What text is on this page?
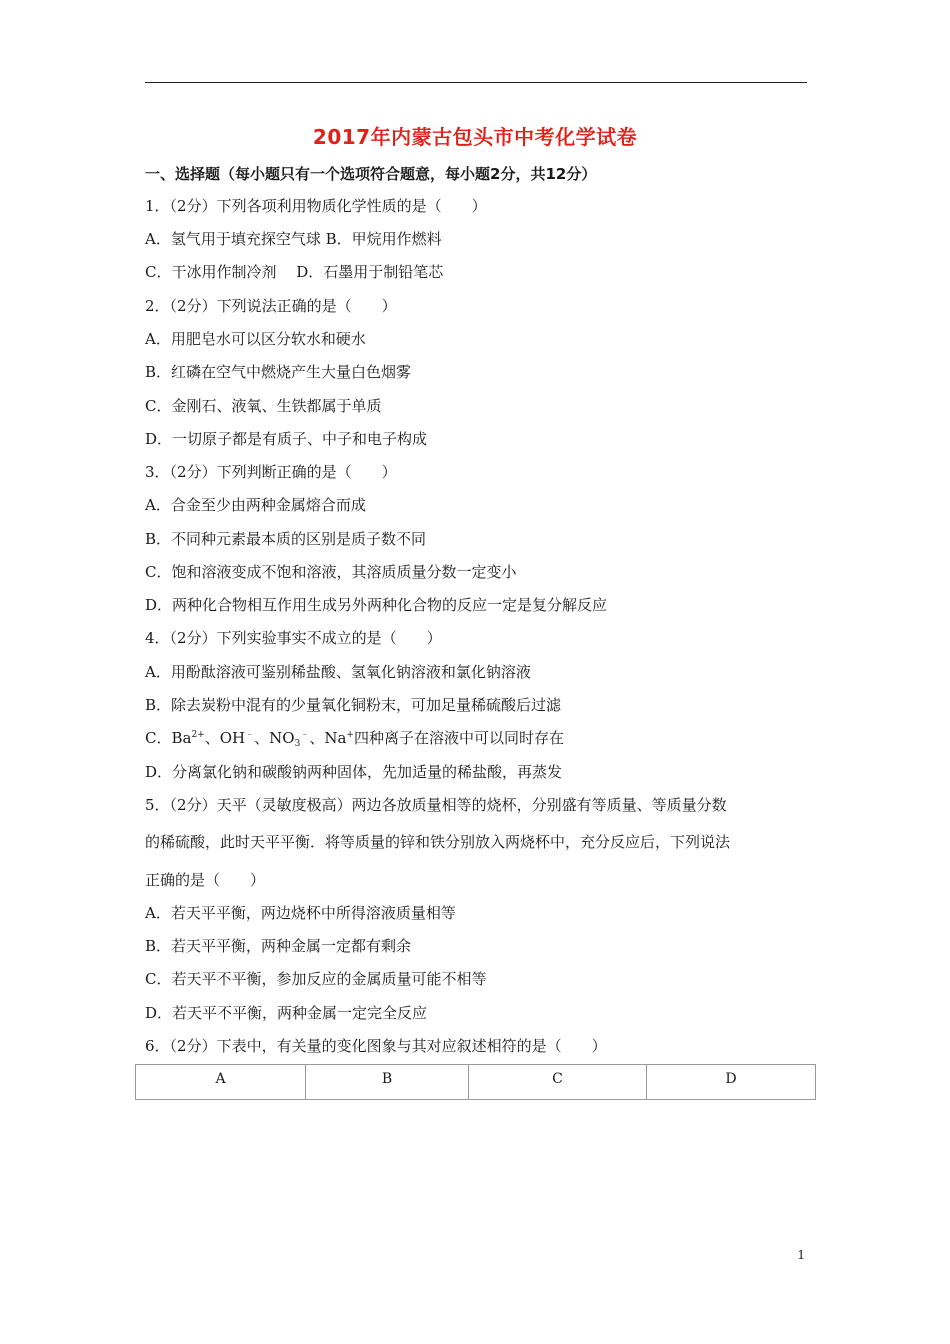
2017年内蒙古包头市中考化学试卷
一、选择题（每小题只有一个选项符合题意，每小题2分，共12分）
1．（2分）下列各项利用物质化学性质的是（　　）
A．氢气用于填充探空气球 B．甲烷用作燃料
C．干冰用作制冷剂　 D．石墨用于制铅笔芯
2．（2分）下列说法正确的是（　　）
A．用肥皂水可以区分软水和硬水
B．红磷在空气中燃烧产生大量白色烟雾
C．金刚石、液氧、生铁都属于单质
D．一切原子都是有质子、中子和电子构成
3．（2分）下列判断正确的是（　　）
A．合金至少由两种金属熔合而成
B．不同种元素最本质的区别是质子数不同
C．饱和溶液变成不饱和溶液，其溶质质量分数一定变小
D．两种化合物相互作用生成另外两种化合物的反应一定是复分解反应
4．（2分）下列实验事实不成立的是（　　）
A．用酚酞溶液可鉴别稀盐酸、氢氧化钠溶液和氯化钠溶液
B．除去炭粉中混有的少量氧化铜粉末，可加足量稀硫酸后过滤
C．$Ba^{2+}$、OH﹣、$NO_3^﹣$、Na+四种离子在溶液中可以同时存在
D．分离氯化钠和碳酸钠两种固体，先加适量的稀盐酸，再蒸发
5．（2分）天平（灵敏度极高）两边各放质量相等的烧杯，分别盛有等质量、等质量分数
的稀硫酸，此时天平平衡．将等质量的锌和铁分别放入两烧杯中，充分反应后，下列说法
正确的是（　　）
A．若天平平衡，两边烧杯中所得溶液质量相等
B．若天平平衡，两种金属一定都有剩余
C．若天平不平衡，参加反应的金属质量可能不相等
D．若天平不平衡，两种金属一定完全反应
6．（2分）下表中，有关量的变化图象与其对应叙述相符的是（　　）
A	B	C	D
1
